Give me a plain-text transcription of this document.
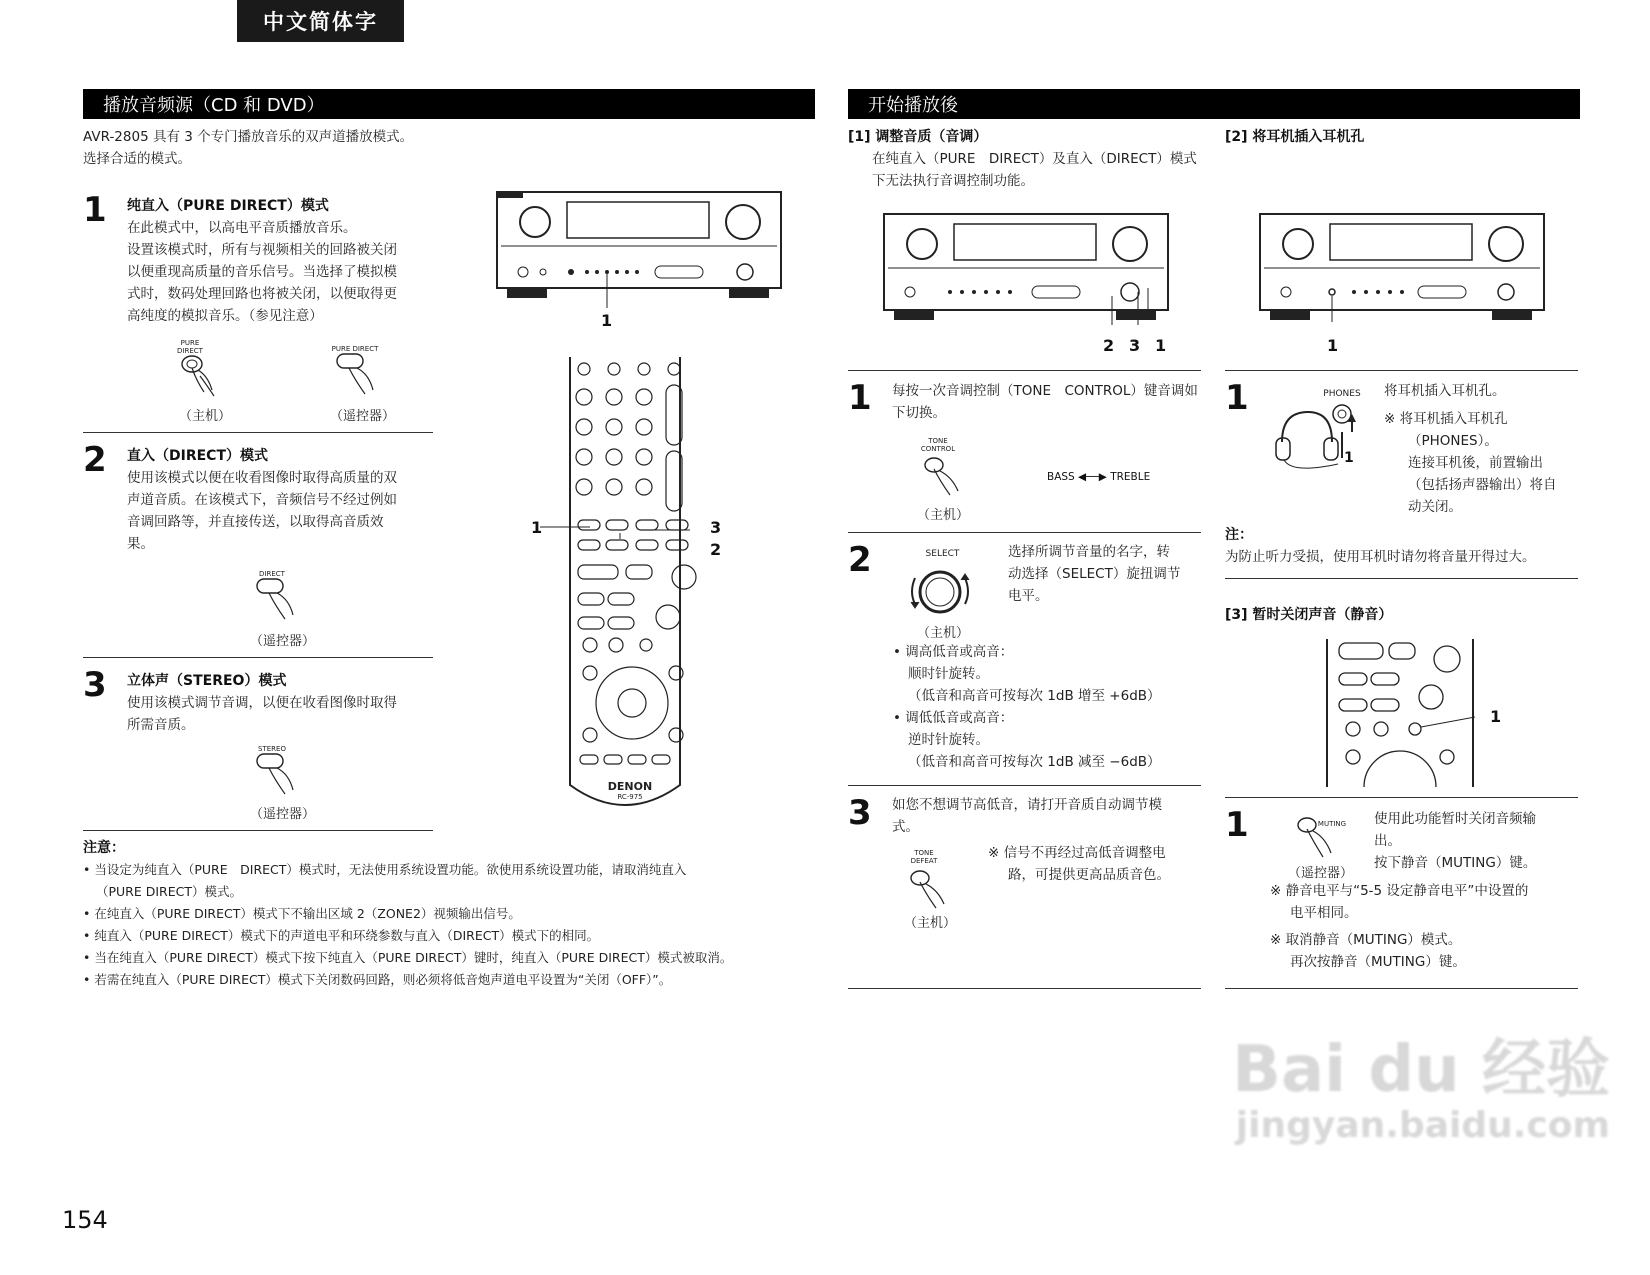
中文简体字
播放音频源（CD 和 DVD）
AVR-2805 具有 3 个专门播放音乐的双声道播放模式。
选择合适的模式。
1 纯直入（PURE DIRECT）模式
在此模式中，以高电平音质播放音乐。
设置该模式时，所有与视频相关的回路被关闭
以便重现高质量的音乐信号。当选择了模拟模
式时，数码处理回路也将被关闭，以便取得更
高纯度的模拟音乐。（参见注意）
PURE
DIRECT
（主机）
PURE DIRECT
（遥控器）
2 直入（DIRECT）模式
使用该模式以便在收看图像时取得高质量的双
声道音质。在该模式下，音频信号不经过例如
音调回路等，并直接传送，以取得高音质效
果。
DIRECT
（遥控器）
3 立体声（STEREO）模式
使用该模式调节音调，以便在收看图像时取得
所需音质。
STEREO
（遥控器）
1
DENON
RC-975
1	3
2
注意：
• 当设定为纯直入（PURE　DIRECT）模式时，无法使用系统设置功能。欲使用系统设置功能，请取消纯直入
（PURE DIRECT）模式。
• 在纯直入（PURE DIRECT）模式下不输出区域 2（ZONE2）视频输出信号。
• 纯直入（PURE DIRECT）模式下的声道电平和环绕参数与直入（DIRECT）模式下的相同。
• 当在纯直入（PURE DIRECT）模式下按下纯直入（PURE DIRECT）键时，纯直入（PURE DIRECT）模式被取消。
• 若需在纯直入（PURE DIRECT）模式下关闭数码回路，则必须将低音炮声道电平设置为“关闭（OFF）”。
开始播放後
[1] 调整音质（音调）
在纯直入（PURE　DIRECT）及直入（DIRECT）模式
下无法执行音调控制功能。
2 3 1
1 每按一次音调控制（TONE　CONTROL）键音调如
下切换。
TONE
CONTROL
（主机）
BASS ◀──▶ TREBLE
2	SELECT
（主机）
选择所调节音量的名字，转
动选择（SELECT）旋扭调节
电平。
• 调高低音或高音：
顺时针旋转。
（低音和高音可按每次 1dB 增至 +6dB）
• 调低低音或高音：
逆时针旋转。
（低音和高音可按每次 1dB 减至 −6dB）
3 如您不想调节高低音，请打开音质自动调节模
式。
TONE
DEFEAT
（主机）
※ 信号不再经过高低音调整电
路，可提供更高品质音色。
[2] 将耳机插入耳机孔
1
1	PHONES
1
将耳机插入耳机孔。
※ 将耳机插入耳机孔
（PHONES）。
连接耳机後，前置输出
（包括扬声器输出）将自
动关闭。
注：
为防止听力受损，使用耳机时请勿将音量开得过大。
[3] 暂时关闭声音（静音）
1
1	MUTING
（遥控器）
使用此功能暂时关闭音频输
出。
按下静音（MUTING）键。
※ 静音电平与“5-5 设定静音电平”中设置的
电平相同。
※ 取消静音（MUTING）模式。
再次按静音（MUTING）键。
154
Bai du 经验
jingyan.baidu.com
